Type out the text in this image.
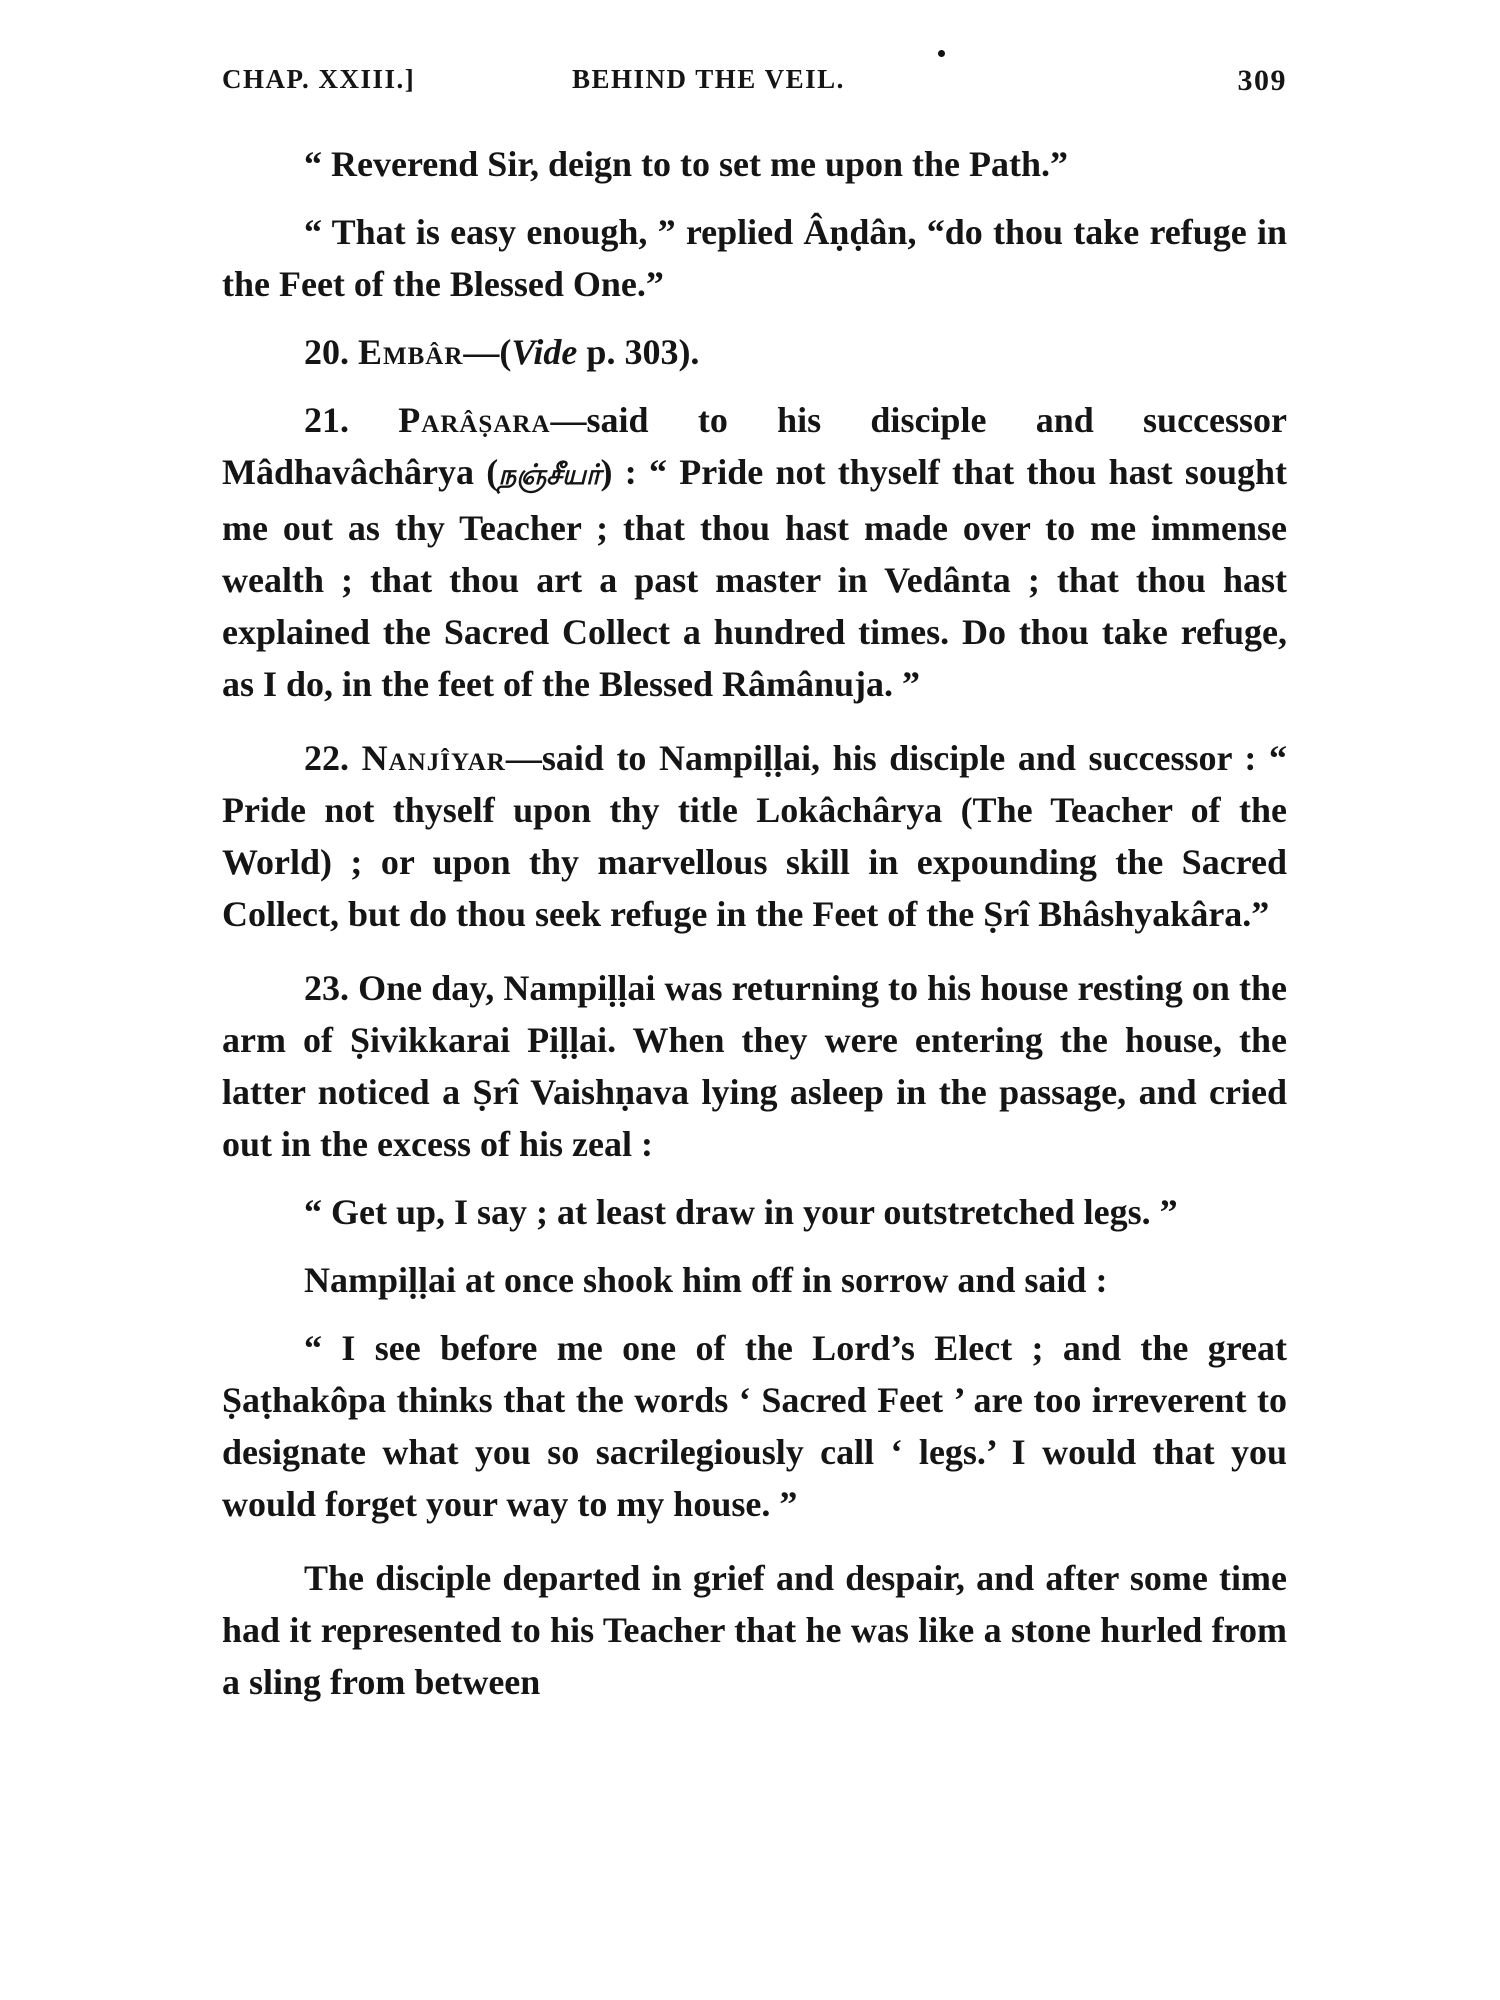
CHAP. XXIII.]	BEHIND THE VEIL.	309

“ Reverend Sir, deign to to set me upon the Path.”

“ That is easy enough, ” replied Âṇḍân, “do thou take refuge in the Feet of the Blessed One.”

20. Embâr—(Vide p. 303).

21. Parâṣara—said to his disciple and successor Mâdhavâchârya (நஞ்சீயர்) : “ Pride not thyself that thou hast sought me out as thy Teacher ; that thou hast made over to me immense wealth ; that thou art a past master in Vedânta ; that thou hast explained the Sacred Collect a hundred times. Do thou take refuge, as I do, in the feet of the Blessed Râmânuja. ”

22. Nanjîyar—said to Nampiḷḷai, his disciple and successor : “ Pride not thyself upon thy title Lokâchârya (The Teacher of the World) ; or upon thy marvellous skill in expounding the Sacred Collect, but do thou seek refuge in the Feet of the Ṣrî Bhâshyakâra.”

23. One day, Nampiḷḷai was returning to his house resting on the arm of Ṣivikkarai Piḷḷai. When they were entering the house, the latter noticed a Ṣrî Vaishṇava lying asleep in the passage, and cried out in the excess of his zeal :

“ Get up, I say ; at least draw in your outstretched legs. ”

Nampiḷḷai at once shook him off in sorrow and said :

“ I see before me one of the Lord’s Elect ; and the great Ṣaṭhakôpa thinks that the words ‘ Sacred Feet ’ are too irreverent to designate what you so sacrilegiously call ‘ legs.’ I would that you would forget your way to my house. ”

The disciple departed in grief and despair, and after some time had it represented to his Teacher that he was like a stone hurled from a sling from between
